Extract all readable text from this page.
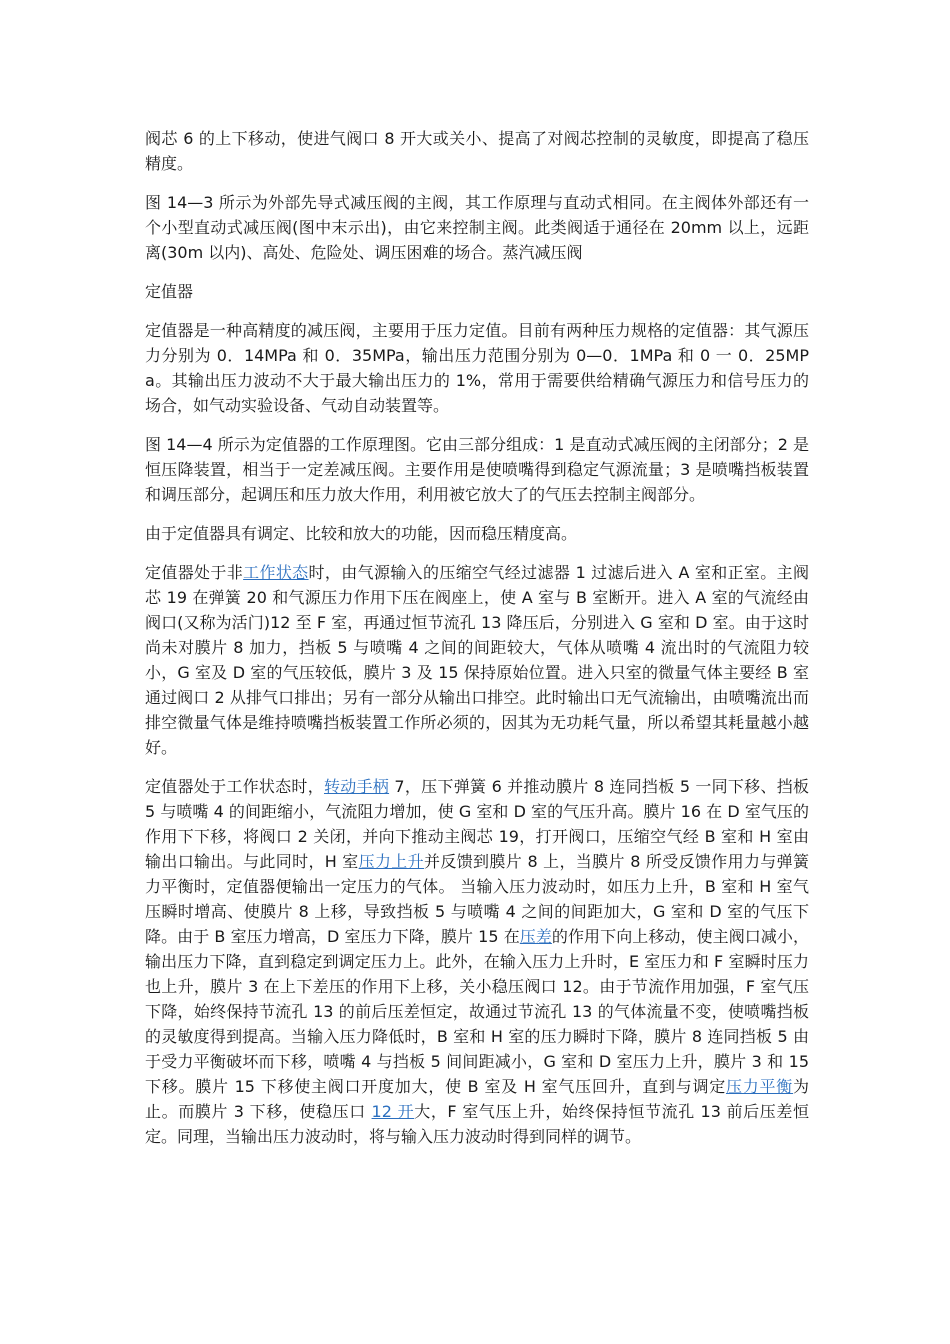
阀芯 6 的上下移动，使进气阀口 8 开大或关小、提高了对阀芯控制的灵敏度，即提高了稳压精度。

图 14—3 所示为外部先导式减压阀的主阀，其工作原理与直动式相同。在主阀体外部还有一个小型直动式减压阀(图中末示出)，由它来控制主阀。此类阀适于通径在 20mm 以上，远距离(30m 以内)、高处、危险处、调压困难的场合。蒸汽减压阀

定值器

定值器是一种高精度的减压阀，主要用于压力定值。目前有两种压力规格的定值器：其气源压力分别为 0．14MPa 和 0．35MPa，输出压力范围分别为 0—0．1MPa 和 0 一 0．25MPa。其输出压力波动不大于最大输出压力的 1%，常用于需要供给精确气源压力和信号压力的场合，如气动实验设备、气动自动装置等。

图 14—4 所示为定值器的工作原理图。它由三部分组成：1 是直动式减压阀的主闭部分；2 是恒压降装置，相当于一定差减压阀。主要作用是使喷嘴得到稳定气源流量；3 是喷嘴挡板装置和调压部分，起调压和压力放大作用，利用被它放大了的气压去控制主阀部分。

由于定值器具有调定、比较和放大的功能，因而稳压精度高。

定值器处于非工作状态时，由气源输入的压缩空气经过滤器 1 过滤后进入 A 室和正室。主阀芯 19 在弹簧 20 和气源压力作用下压在阀座上，使 A 室与 B 室断开。进入 A 室的气流经由阀口(又称为活门)12 至 F 室，再通过恒节流孔 13 降压后，分别进入 G 室和 D 室。由于这时尚未对膜片 8 加力，挡板 5 与喷嘴 4 之间的间距较大，气体从喷嘴 4 流出时的气流阻力较小，G 室及 D 室的气压较低，膜片 3 及 15 保持原始位置。进入只室的微量气体主要经 B 室通过阀口 2 从排气口排出；另有一部分从输出口排空。此时输出口无气流输出，由喷嘴流出而排空微量气体是维持喷嘴挡板装置工作所必须的，因其为无功耗气量，所以希望其耗量越小越好。

定值器处于工作状态时，转动手柄 7，压下弹簧 6 并推动膜片 8 连同挡板 5 一同下移、挡板 5 与喷嘴 4 的间距缩小，气流阻力增加，使 G 室和 D 室的气压升高。膜片 16 在 D 室气压的作用下下移，将阀口 2 关闭，并向下推动主阀芯 19，打开阀口，压缩空气经 B 室和 H 室由输出口输出。与此同时，H 室压力上升并反馈到膜片 8 上，当膜片 8 所受反馈作用力与弹簧力平衡时，定值器便输出一定压力的气体。 当输入压力波动时，如压力上升，B 室和 H 室气压瞬时增高、使膜片 8 上移，导致挡板 5 与喷嘴 4 之间的间距加大，G 室和 D 室的气压下降。由于 B 室压力增高，D 室压力下降，膜片 15 在压差的作用下向上移动，使主阀口减小，输出压力下降，直到稳定到调定压力上。此外，在输入压力上升时，E 室压力和 F 室瞬时压力也上升，膜片 3 在上下差压的作用下上移，关小稳压阀口 12。由于节流作用加强，F 室气压下降，始终保持节流孔 13 的前后压差恒定，故通过节流孔 13 的气体流量不变，使喷嘴挡板的灵敏度得到提高。当输入压力降低时，B 室和 H 室的压力瞬时下降，膜片 8 连同挡板 5 由于受力平衡破坏而下移，喷嘴 4 与挡板 5 间间距减小，G 室和 D 室压力上升，膜片 3 和 15 下移。膜片 15 下移使主阀口开度加大，使 B 室及 H 室气压回升，直到与调定压力平衡为止。而膜片 3 下移，使稳压口 12 开大，F 室气压上升，始终保持恒节流孔 13 前后压差恒定。同理，当输出压力波动时，将与输入压力波动时得到同样的调节。
